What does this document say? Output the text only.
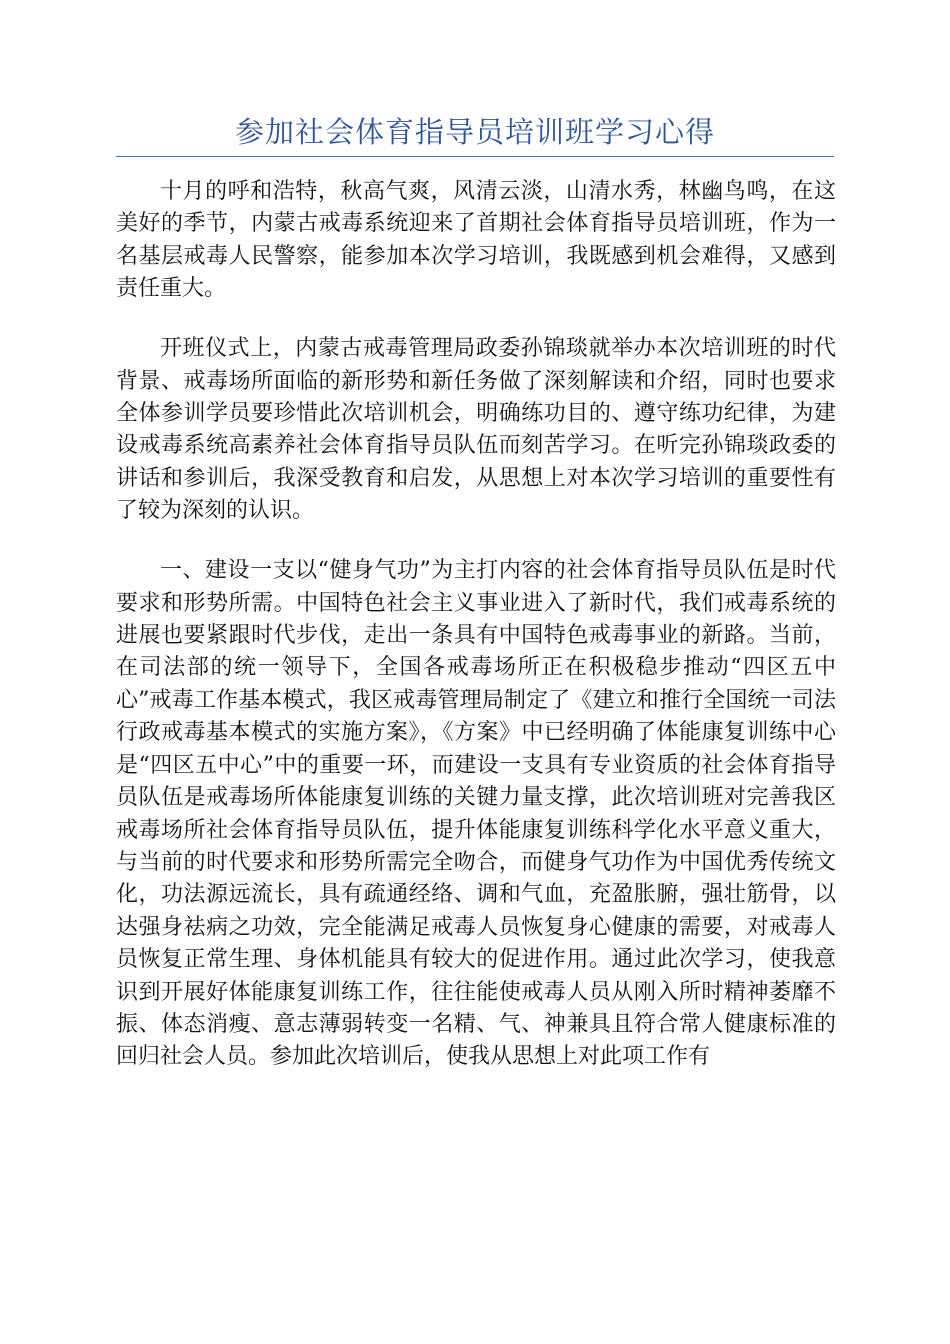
参加社会体育指导员培训班学习心得

十月的呼和浩特，秋高气爽，风清云淡，山清水秀，林幽鸟鸣，在这美好的季节，内蒙古戒毒系统迎来了首期社会体育指导员培训班，作为一名基层戒毒人民警察，能参加本次学习培训，我既感到机会难得，又感到责任重大。

开班仪式上，内蒙古戒毒管理局政委孙锦琰就举办本次培训班的时代背景、戒毒场所面临的新形势和新任务做了深刻解读和介绍，同时也要求全体参训学员要珍惜此次培训机会，明确练功目的、遵守练功纪律，为建设戒毒系统高素养社会体育指导员队伍而刻苦学习。在听完孙锦琰政委的讲话和参训后，我深受教育和启发，从思想上对本次学习培训的重要性有了较为深刻的认识。

一、建设一支以“健身气功”为主打内容的社会体育指导员队伍是时代要求和形势所需。中国特色社会主义事业进入了新时代，我们戒毒系统的进展也要紧跟时代步伐，走出一条具有中国特色戒毒事业的新路。当前，在司法部的统一领导下，全国各戒毒场所正在积极稳步推动“四区五中心”戒毒工作基本模式，我区戒毒管理局制定了《建立和推行全国统一司法行政戒毒基本模式的实施方案》，《方案》中已经明确了体能康复训练中心是“四区五中心”中的重要一环，而建设一支具有专业资质的社会体育指导员队伍是戒毒场所体能康复训练的关键力量支撑，此次培训班对完善我区戒毒场所社会体育指导员队伍，提升体能康复训练科学化水平意义重大，与当前的时代要求和形势所需完全吻合，而健身气功作为中国优秀传统文化，功法源远流长，具有疏通经络、调和气血，充盈胀腑，强壮筋骨，以达强身祛病之功效，完全能满足戒毒人员恢复身心健康的需要，对戒毒人员恢复正常生理、身体机能具有较大的促进作用。通过此次学习，使我意识到开展好体能康复训练工作，往往能使戒毒人员从刚入所时精神萎靡不振、体态消瘦、意志薄弱转变一名精、气、神兼具且符合常人健康标准的回归社会人员。参加此次培训后，使我从思想上对此项工作有
